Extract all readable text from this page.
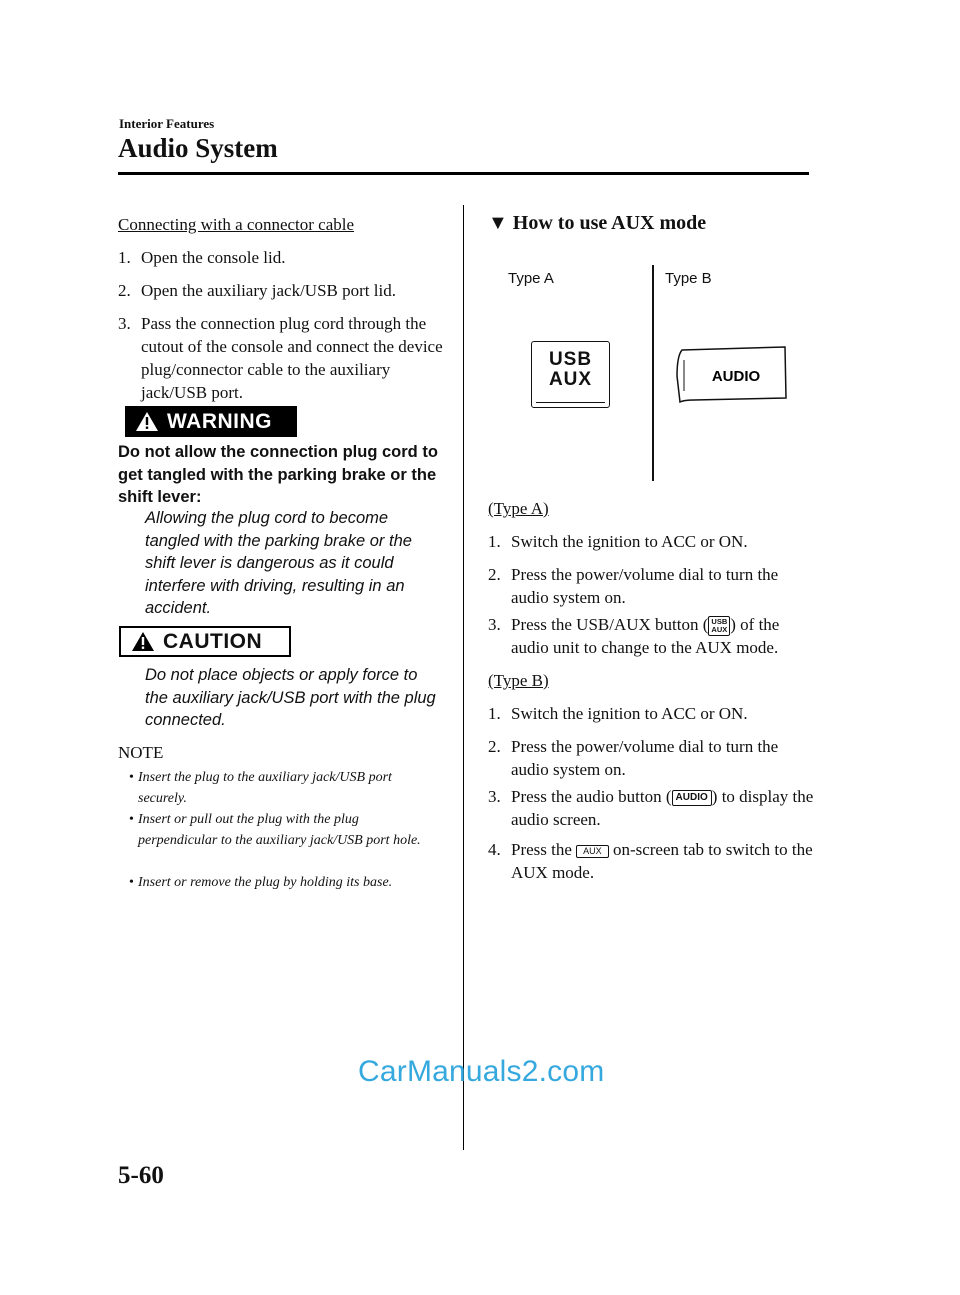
Interior Features
Audio System
Connecting with a connector cable
1. Open the console lid.
2. Open the auxiliary jack/USB port lid.
3. Pass the connection plug cord through the cutout of the console and connect the device plug/connector cable to the auxiliary jack/USB port.
WARNING
Do not allow the connection plug cord to get tangled with the parking brake or the shift lever:
Allowing the plug cord to become tangled with the parking brake or the shift lever is dangerous as it could interfere with driving, resulting in an accident.
CAUTION
Do not place objects or apply force to the auxiliary jack/USB port with the plug connected.
NOTE
• Insert the plug to the auxiliary jack/USB port securely.
• Insert or pull out the plug with the plug perpendicular to the auxiliary jack/USB port hole.
• Insert or remove the plug by holding its base.
▼ How to use AUX mode
Type A	Type B
USB
AUX	AUDIO
(Type A)
1. Switch the ignition to ACC or ON.
2. Press the power/volume dial to turn the audio system on.
3. Press the USB/AUX button ( USB
AUX ) of the audio unit to change to the AUX mode.
(Type B)
1. Switch the ignition to ACC or ON.
2. Press the power/volume dial to turn the audio system on.
3. Press the audio button ( AUDIO ) to display the audio screen.
4. Press the AUX on-screen tab to switch to the AUX mode.
CarManuals2.com
5-60
